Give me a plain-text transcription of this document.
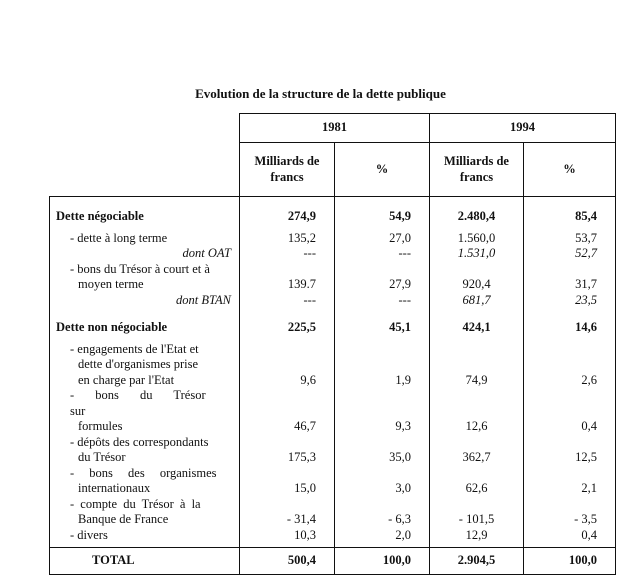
Evolution de la structure de la dette publique
	1981		1994	
	Milliards de francs	%	Milliards de francs	%
Dette négociable	274,9	54,9	2.480,4	85,4
- dette à long terme	135,2	27,0	1.560,0	53,7
dont OAT	---	---	1.531,0	52,7
- bons du Trésor à court et à				
moyen terme	139.7	27,9	920,4	31,7
dont BTAN	---	---	681,7	23,5
Dette non négociable	225,5	45,1	424,1	14,6
- engagements de l'Etat et				
dette d'organismes prise				
en charge par l'Etat	9,6	1,9	74,9	2,6
- bons du Trésor sur				
formules	46,7	9,3	12,6	0,4
- dépôts des correspondants				
du Trésor	175,3	35,0	362,7	12,5
- bons des organismes				
internationaux	15,0	3,0	62,6	2,1
- compte du Trésor à la				
Banque de France	- 31,4	- 6,3	- 101,5	- 3,5
- divers	10,3	2,0	12,9	0,4
TOTAL	500,4	100,0	2.904,5	100,0
